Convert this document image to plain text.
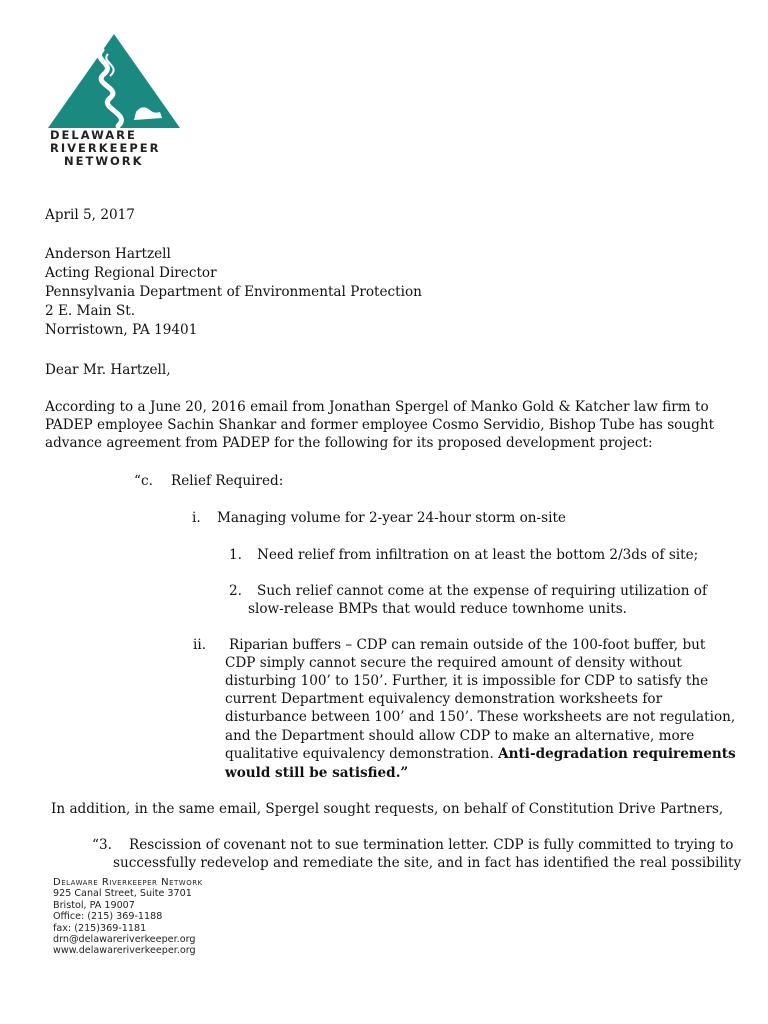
DELAWARE
RIVERKEEPER
NETWORK
April 5, 2017
Anderson Hartzell
Acting Regional Director
Pennsylvania Department of Environmental Protection
2 E. Main St.
Norristown, PA 19401
Dear Mr. Hartzell,
According to a June 20, 2016 email from Jonathan Spergel of Manko Gold & Katcher law firm to
PADEP employee Sachin Shankar and former employee Cosmo Servidio, Bishop Tube has sought
advance agreement from PADEP for the following for its proposed development project:
“c. Relief Required:
i. Managing volume for 2-year 24-hour storm on-site
1. Need relief from infiltration on at least the bottom 2/3ds of site;
2. Such relief cannot come at the expense of requiring utilization of
slow-release BMPs that would reduce townhome units.
ii. Riparian buffers – CDP can remain outside of the 100-foot buffer, but
CDP simply cannot secure the required amount of density without
disturbing 100’ to 150’. Further, it is impossible for CDP to satisfy the
current Department equivalency demonstration worksheets for
disturbance between 100’ and 150’. These worksheets are not regulation,
and the Department should allow CDP to make an alternative, more
qualitative equivalency demonstration. Anti-degradation requirements
would still be satisfied.”
In addition, in the same email, Spergel sought requests, on behalf of Constitution Drive Partners,
“3. Rescission of covenant not to sue termination letter. CDP is fully committed to trying to
successfully redevelop and remediate the site, and in fact has identified the real possibility
Delaware Riverkeeper Network
925 Canal Street, Suite 3701
Bristol, PA 19007
Office: (215) 369-1188
fax: (215)369-1181
drn@delawareriverkeeper.org
www.delawareriverkeeper.org
